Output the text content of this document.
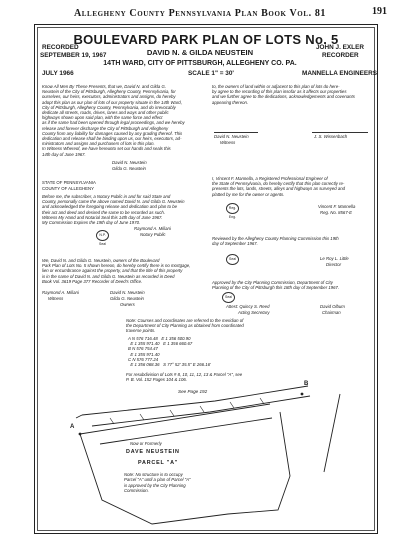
Allegheny County Pennsylvania Plan Book Vol. 81	191
BOULEVARD PARK PLAN OF LOTS No. 5
RECORDED
SEPTEMBER 19, 1967	DAVID N. & GILDA NEUSTEIN
14TH WARD, CITY OF PITTSBURGH, ALLEGHENY CO. PA.
JOHN J. EXLER
RECORDER
JULY 1966	SCALE 1" = 30'	MANNELLA ENGINEERS
Know All Men By These Presents, that we, David N. and Gilda G.
Neustein of the City of Pittsburgh, Allegheny County, Pennsylvania, for
ourselves, our heirs, executors, administrators and assigns, do hereby
adopt this plan as our plan of lots of our property situate in the 14th Ward,
City of Pittsburgh, Allegheny County, Pennsylvania, and do irrevocably
dedicate all streets, roads, drives, lanes and ways and other public
highways shown upon said plan, with the same force and effect
as if the same had been opened through legal proceedings, and we hereby
release and forever discharge the City of Pittsburgh and Allegheny
County from any liability for damages caused by any grading thereof. This
dedication and release shall be binding upon us, our heirs, executors, ad-
ministrators and assigns and purchasers of lots in this plan.
In Witness Whereof, we have hereunto set our hands and seals this
14th day of June 1967.
David N. Neustein
Gilda G. Neustein
to, the owners of land within or adjacent to this plan of lots do here-
by agree to the recording of this plan insofar as it affects our properties
and we further agree to the dedications, acknowledgements and covenants
appearing thereon.
David N. Neustein
Witness
J. S. Wissenbach
I, Vincent F. Mannella, a Registered Professional Engineer of
the State of Pennsylvania, do hereby certify that this plan correctly re-
presents the lots, lands, streets, alleys and highways as surveyed and
platted by me for the owner or agents.
Reg. Eng.
Vincent F. Mannella
Reg. No. 8567-E
STATE OF PENNSYLVANIA
COUNTY OF ALLEGHENY
Before me, the subscriber, a Notary Public in and for said State and
County, personally came the above named David N. and Gilda G. Neustein
and acknowledged the foregoing release and dedication and plan to be
their act and deed and desired the same to be recorded as such.
Witness My Hand and Notarial Seal this 14th day of June 1967.
My Commission Expires the 19th day of June 1970.
N.P. Seal
Raymond A. Miliani
Notary Public
Reviewed by the Allegheny County Planning Commission this 19th
day of September 1967.
Seal	Le Roy L. Little
Director
We, David N. and Gilda G. Neustein, owners of the Boulevard
Park Plan of Lots No. 5 shown hereon, do hereby certify there is no mortgage,
lien or encumbrance against the property, and that the title of this property
is in the name of David N. and Gilda G. Neustein as recorded in Deed
Book Vol. 3619 Page 377 Recorder of Deed's Office.
Raymond A. Miliani
Witness
David N. Neustein
Gilda G. Neustein
Owners
Approved by the City Planning Commission, Department of City
Planning of the City of Pittsburgh this 18th day of September 1967.
Seal
Attest: Quincy S. Reed
Acting Secretary
David Olbum
Chairman
Note: Courses and coordinates are referred to the meridian of
the Department of City Planning as obtained from coordinated
traverse points.
A N 576 716.48 E 1 356 500.90
E 1 355 971.40 E 1 356 660.67
B N 576 754.47
E 1 355 971.40
C N 576 777.24
E 1 356 068.36 S 77° 52' 35.5" E 266.16'
For resubdivision of Lots # 8, 10, 11, 12, 13 & Parcel "A", see
P. B. Vol. 152 Pages 104 & 106.
See Page 192
A
B
Now or Formerly
DAVE NEUSTEIN
PARCEL "A"
Note: No structure is to occupy
Parcel "A" until a plan of Parcel "A"
is approved by the City Planning
Commission.
